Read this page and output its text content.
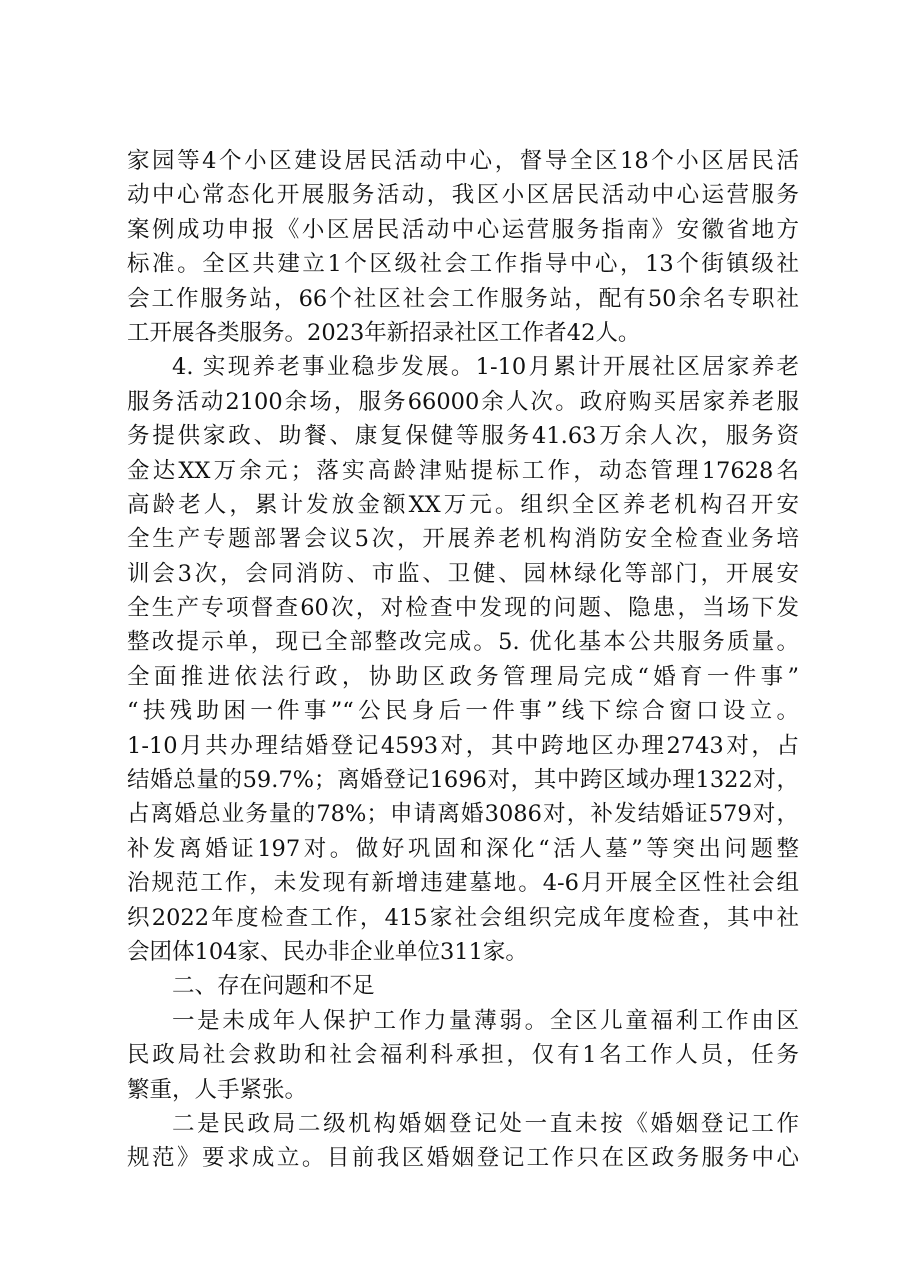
家园等4个小区建设居民活动中心，督导全区18个小区居民活
动中心常态化开展服务活动，我区小区居民活动中心运营服务
案例成功申报《小区居民活动中心运营服务指南》安徽省地方
标准。全区共建立1个区级社会工作指导中心，13个街镇级社
会工作服务站，66个社区社会工作服务站，配有50余名专职社
工开展各类服务。2023年新招录社区工作者42人。
4. 实现养老事业稳步发展。1-10月累计开展社区居家养老
服务活动2100余场，服务66000余人次。政府购买居家养老服
务提供家政、助餐、康复保健等服务41.63万余人次，服务资
金达XX万余元；落实高龄津贴提标工作，动态管理17628名
高龄老人，累计发放金额XX万元。组织全区养老机构召开安
全生产专题部署会议5次，开展养老机构消防安全检查业务培
训会3次，会同消防、市监、卫健、园林绿化等部门，开展安
全生产专项督查60次，对检查中发现的问题、隐患，当场下发
整改提示单，现已全部整改完成。5. 优化基本公共服务质量。
全面推进依法行政，协助区政务管理局完成“婚育一件事”
“扶残助困一件事”“公民身后一件事”线下综合窗口设立。
1-10月共办理结婚登记4593对，其中跨地区办理2743对，占
结婚总量的59.7%；离婚登记1696对，其中跨区域办理1322对，
占离婚总业务量的78%；申请离婚3086对，补发结婚证579对，
补发离婚证197对。做好巩固和深化“活人墓”等突出问题整
治规范工作，未发现有新增违建墓地。4-6月开展全区性社会组
织2022年度检查工作，415家社会组织完成年度检查，其中社
会团体104家、民办非企业单位311家。
二、存在问题和不足
一是未成年人保护工作力量薄弱。全区儿童福利工作由区
民政局社会救助和社会福利科承担，仅有1名工作人员，任务
繁重，人手紧张。
二是民政局二级机构婚姻登记处一直未按《婚姻登记工作
规范》要求成立。目前我区婚姻登记工作只在区政务服务中心
